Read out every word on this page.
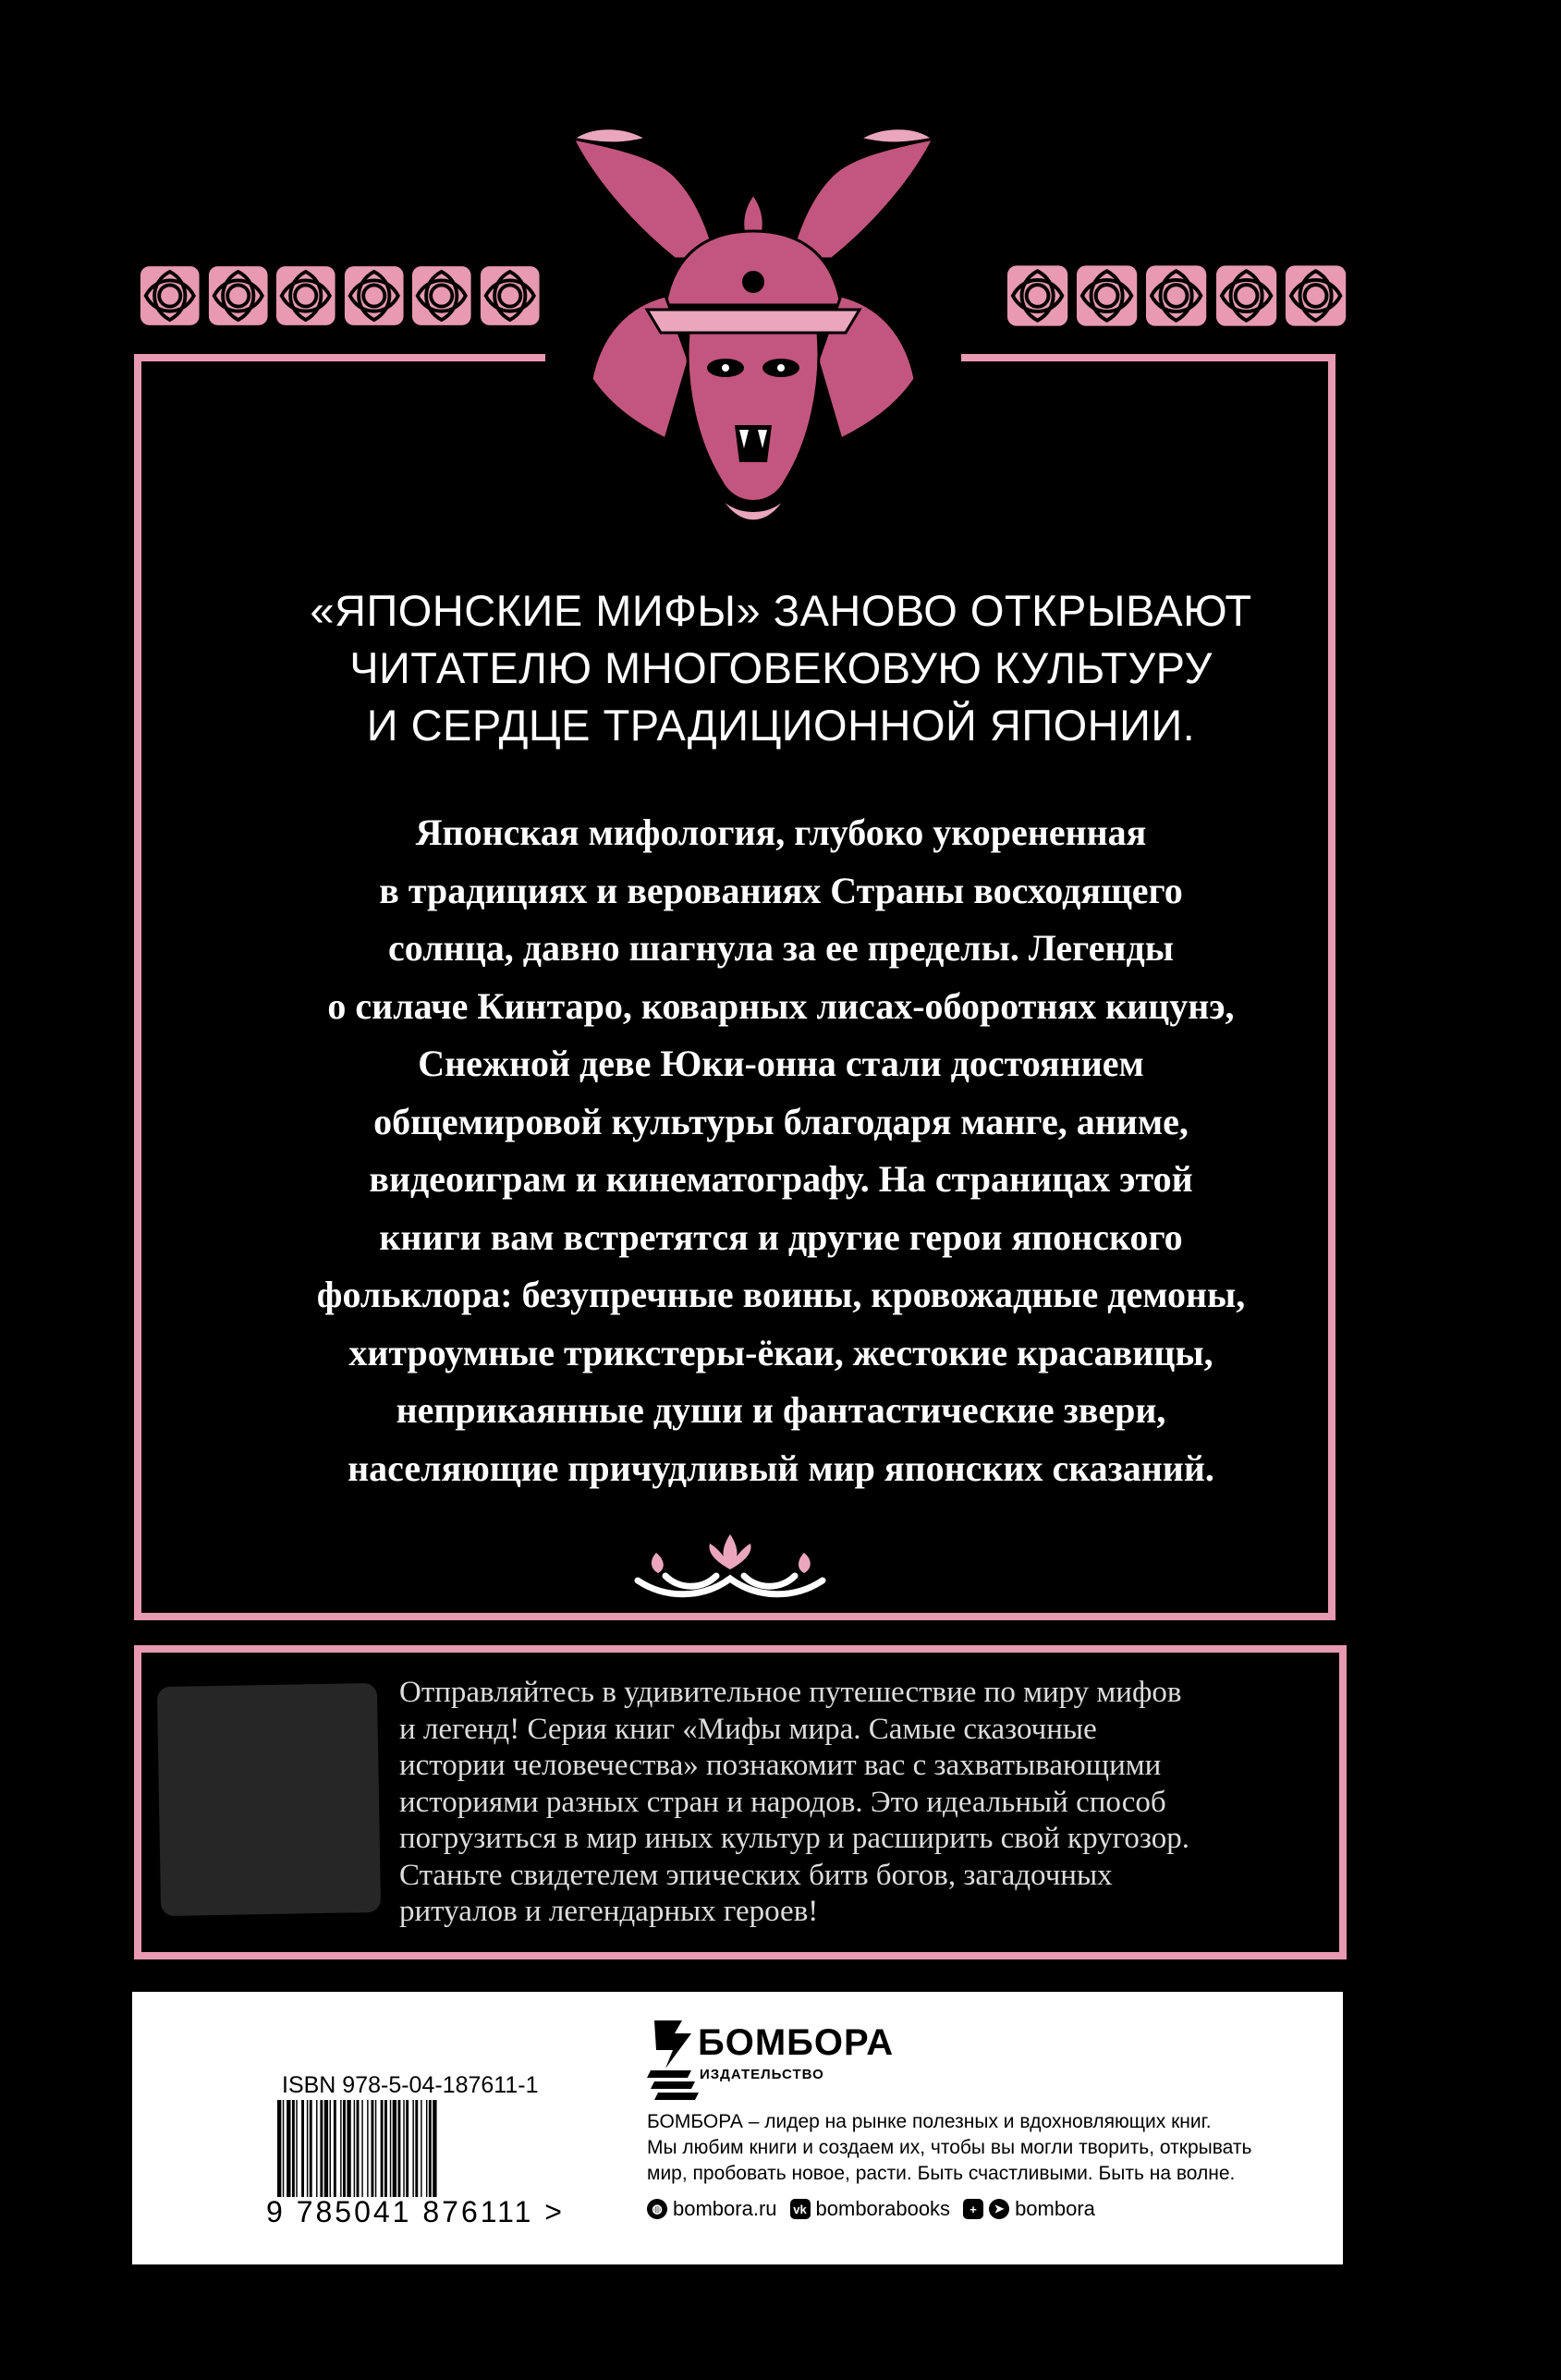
«ЯПОНСКИЕ МИФЫ» ЗАНОВО ОТКРЫВАЮТ
ЧИТАТЕЛЮ МНОГОВЕКОВУЮ КУЛЬТУРУ
И СЕРДЦЕ ТРАДИЦИОННОЙ ЯПОНИИ.
Японская мифология, глубоко укорененная
в традициях и верованиях Страны восходящего
солнца, давно шагнула за ее пределы. Легенды
о силаче Кинтаро, коварных лисах-оборотнях кицунэ,
Снежной деве Юки-онна стали достоянием
общемировой культуры благодаря манге, аниме,
видеоиграм и кинематографу. На страницах этой
книги вам встретятся и другие герои японского
фольклора: безупречные воины, кровожадные демоны,
хитроумные трикстеры-ёкаи, жестокие красавицы,
неприкаянные души и фантастические звери,
населяющие причудливый мир японских сказаний.
Отправляйтесь в удивительное путешествие по миру мифов
и легенд! Серия книг «Мифы мира. Самые сказочные
истории человечества» познакомит вас с захватывающими
историями разных стран и народов. Это идеальный способ
погрузиться в мир иных культур и расширить свой кругозор.
Станьте свидетелем эпических битв богов, загадочных
ритуалов и легендарных героев!
ISBN 978-5-04-187611-1
9 785041 876111 >
БОМБОРА
ИЗДАТЕЛЬСТВО
БОМБОРА – лидер на рынке полезных и вдохновляющих книг.
Мы любим книги и создаем их, чтобы вы могли творить, открывать
мир, пробовать новое, расти. Быть счастливыми. Быть на волне.
◍ bombora.ru vk bomborabooks	+	➤ bombora
